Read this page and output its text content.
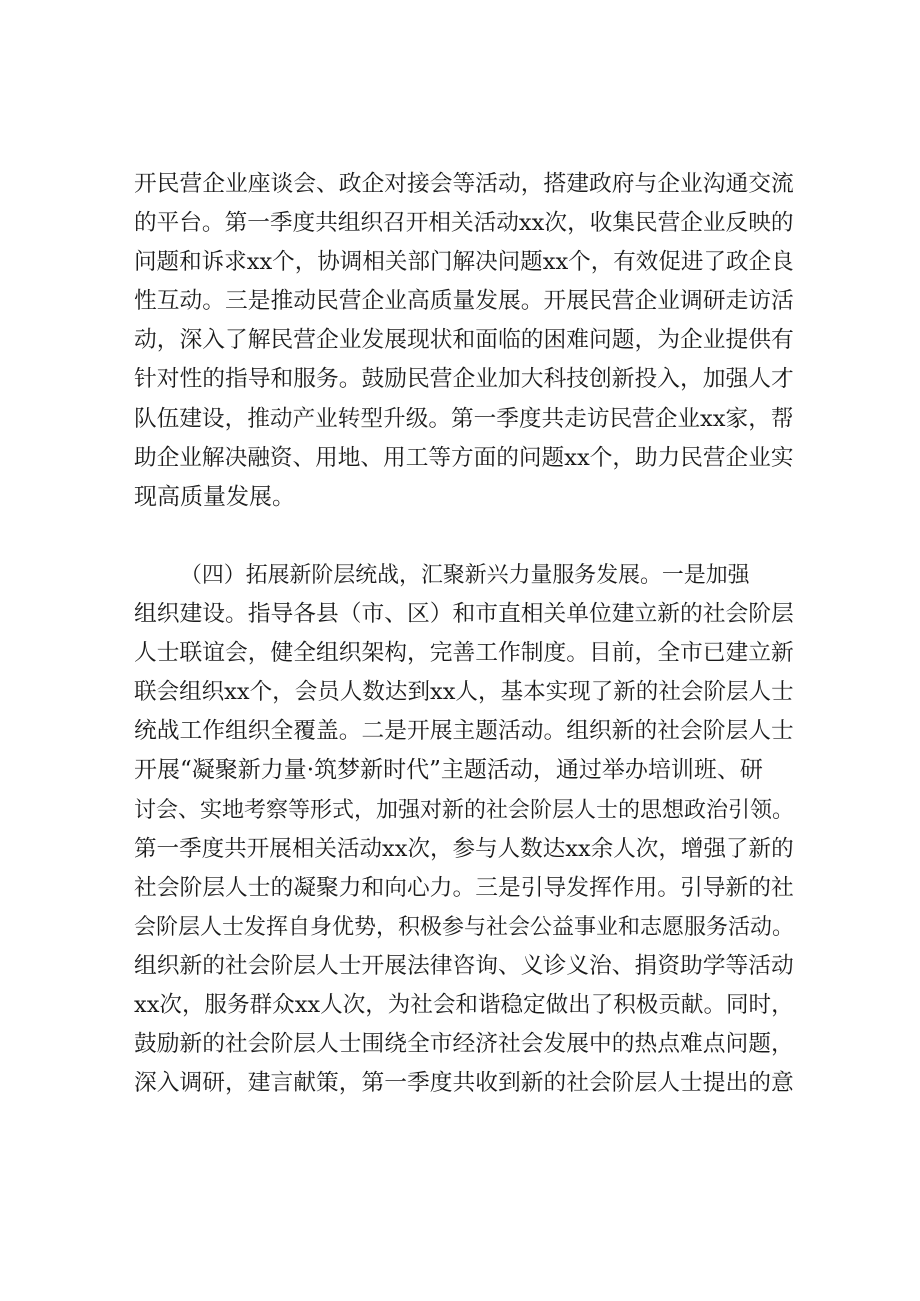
开民营企业座谈会、政企对接会等活动，搭建政府与企业沟通交流
的平台。第一季度共组织召开相关活动xx次，收集民营企业反映的
问题和诉求xx个，协调相关部门解决问题xx个，有效促进了政企良
性互动。三是推动民营企业高质量发展。开展民营企业调研走访活
动，深入了解民营企业发展现状和面临的困难问题，为企业提供有
针对性的指导和服务。鼓励民营企业加大科技创新投入，加强人才
队伍建设，推动产业转型升级。第一季度共走访民营企业xx家，帮
助企业解决融资、用地、用工等方面的问题xx个，助力民营企业实
现高质量发展。
（四）拓展新阶层统战，汇聚新兴力量服务发展。一是加强
组织建设。指导各县（市、区）和市直相关单位建立新的社会阶层
人士联谊会，健全组织架构，完善工作制度。目前，全市已建立新
联会组织xx个，会员人数达到xx人，基本实现了新的社会阶层人士
统战工作组织全覆盖。二是开展主题活动。组织新的社会阶层人士
开展“凝聚新力量·筑梦新时代”主题活动，通过举办培训班、研
讨会、实地考察等形式，加强对新的社会阶层人士的思想政治引领。
第一季度共开展相关活动xx次，参与人数达xx余人次，增强了新的
社会阶层人士的凝聚力和向心力。三是引导发挥作用。引导新的社
会阶层人士发挥自身优势，积极参与社会公益事业和志愿服务活动。
组织新的社会阶层人士开展法律咨询、义诊义治、捐资助学等活动
xx次，服务群众xx人次，为社会和谐稳定做出了积极贡献。同时，
鼓励新的社会阶层人士围绕全市经济社会发展中的热点难点问题，
深入调研，建言献策，第一季度共收到新的社会阶层人士提出的意
